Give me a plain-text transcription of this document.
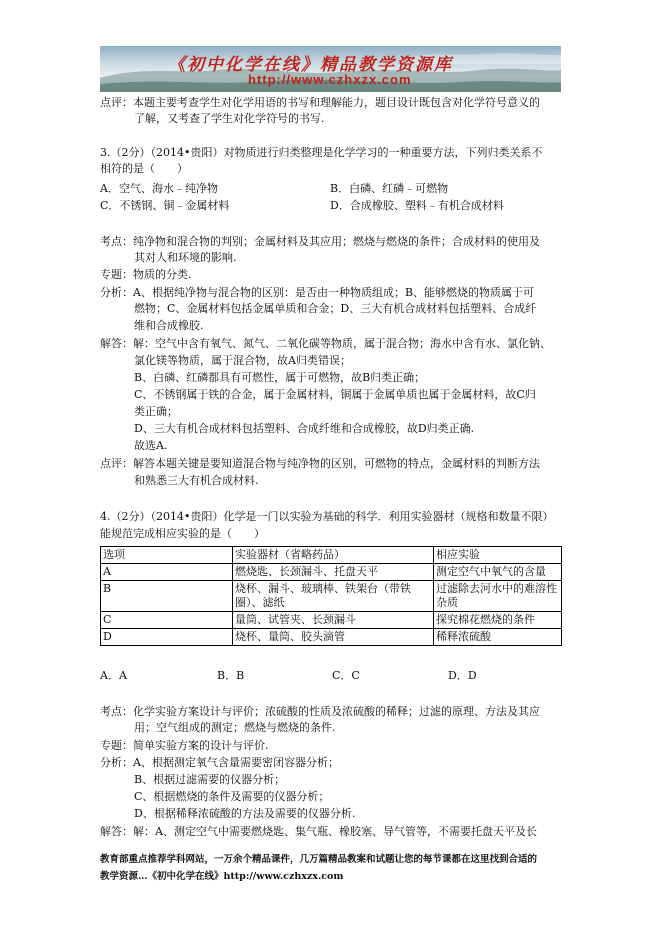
《初中化学在线》精品教学资源库
http://www.czhxzx.com
点评：本题主要考查学生对化学用语的书写和理解能力，题目设计既包含对化学符号意义的
了解，又考查了学生对化学符号的书写.
3.（2分）（2014•贵阳）对物质进行归类整理是化学学习的一种重要方法，下列归类关系不
相符的是（　　）
A．空气、海水﹣纯净物	B．白磷、红磷﹣可燃物
C．不锈钢、铜﹣金属材料	D．合成橡胶、塑料﹣有机合成材料
考点：纯净物和混合物的判别；金属材料及其应用；燃烧与燃烧的条件；合成材料的使用及
其对人和环境的影响.
专题：物质的分类.
分析：A、根据纯净物与混合物的区别：是否由一种物质组成；B、能够燃烧的物质属于可
燃物；C、金属材料包括金属单质和合金；D、三大有机合成材料包括塑料、合成纤
维和合成橡胶.
解答：解：空气中含有氧气、氮气、二氧化碳等物质，属于混合物；海水中含有水、氯化钠、
氯化镁等物质，属于混合物，故A归类错误；
B、白磷、红磷都具有可燃性，属于可燃物，故B归类正确；
C、不锈钢属于铁的合金，属于金属材料，铜属于金属单质也属于金属材料，故C归
类正确；
D、三大有机合成材料包括塑料、合成纤维和合成橡胶，故D归类正确.
故选A.
点评：解答本题关键是要知道混合物与纯净物的区别，可燃物的特点，金属材料的判断方法
和熟悉三大有机合成材料.
4.（2分）（2014•贵阳）化学是一门以实验为基础的科学．利用实验器材（规格和数量不限）
能规范完成相应实验的是（　　）
选项	实验器材（省略药品）	相应实验
A	燃烧匙、长颈漏斗、托盘天平	测定空气中氧气的含量
B	烧杯、漏斗、玻璃棒、铁架台（带铁圈）、滤纸	过滤除去河水中的难溶性杂质
C	量筒、试管夹、长颈漏斗	探究棉花燃烧的条件
D	烧杯、量筒、胶头滴管	稀释浓硫酸
A．A	B．B	C．C	D．D
考点：化学实验方案设计与评价；浓硫酸的性质及浓硫酸的稀释；过滤的原理、方法及其应
用；空气组成的测定；燃烧与燃烧的条件.
专题：简单实验方案的设计与评价.
分析：A、根据测定氧气含量需要密闭容器分析；
B、根据过滤需要的仪器分析；
C、根据燃烧的条件及需要的仪器分析；
D、根据稀释浓硫酸的方法及需要的仪器分析.
解答：解：A、测定空气中需要燃烧匙、集气瓶、橡胶塞、导气管等，不需要托盘天平及长
教育部重点推荐学科网站，一万余个精品课件，几万篇精品教案和试题让您的每节课都在这里找到合适的
教学资源…《初中化学在线》http://www.czhxzx.com
